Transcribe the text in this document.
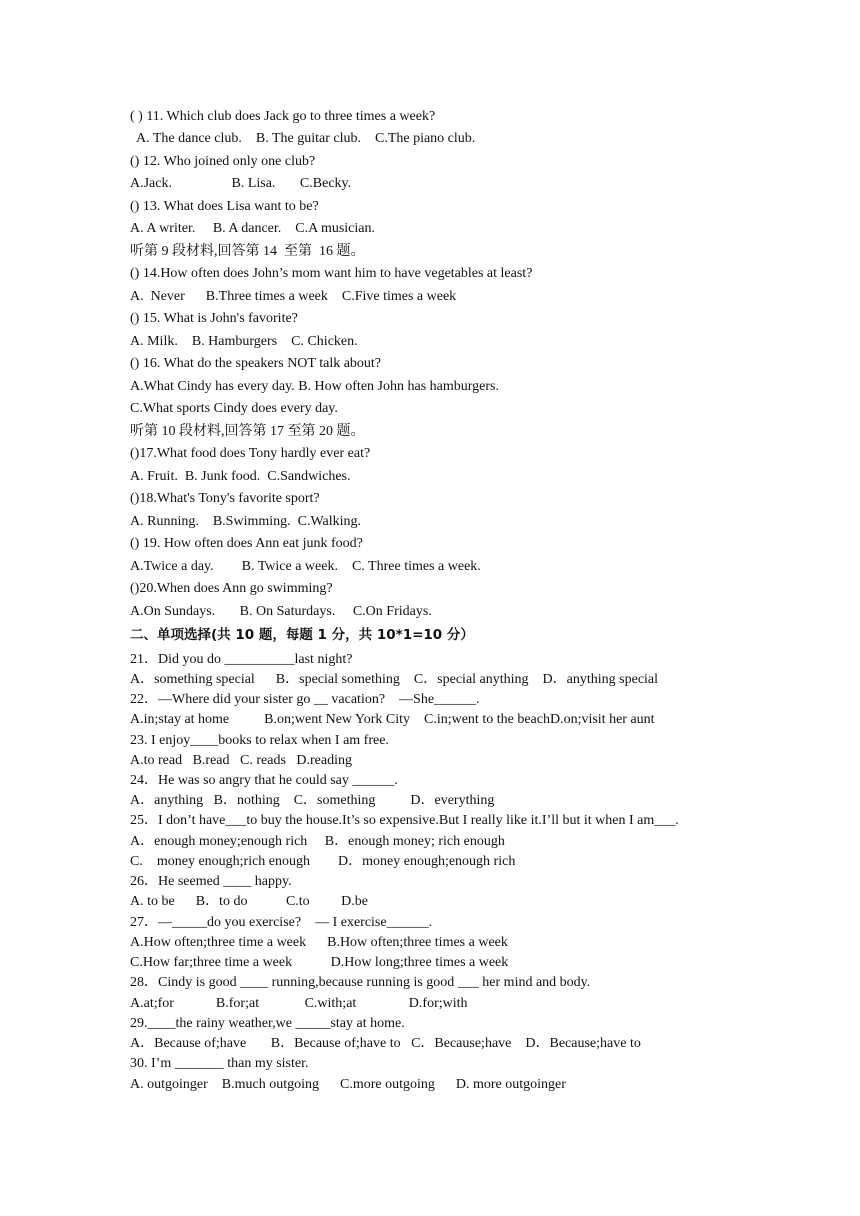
( ) 11. Which club does Jack go to three times a week?
A. The dance club.    B. The guitar club.    C.The piano club.
() 12. Who joined only one club?
A.Jack.                 B. Lisa.       C.Becky.
() 13. What does Lisa want to be?
A. A writer.     B. A dancer.    C.A musician.
听第 9 段材料,回答第 14  至第  16 题。
() 14.How often does John’s mom want him to have vegetables at least?
A.  Never      B.Three times a week    C.Five times a week
() 15. What is John's favorite?
A. Milk.    B. Hamburgers    C. Chicken.
() 16. What do the speakers NOT talk about?
A.What Cindy has every day. B. How often John has hamburgers.
C.What sports Cindy does every day.
听第 10 段材料,回答第 17 至第 20 题。
()17.What food does Tony hardly ever eat?
A. Fruit.  B. Junk food.  C.Sandwiches.
()18.What's Tony's favorite sport?
A. Running.    B.Swimming.  C.Walking.
() 19. How often does Ann eat junk food?
A.Twice a day.        B. Twice a week.    C. Three times a week.
()20.When does Ann go swimming?
A.On Sundays.       B. On Saturdays.     C.On Fridays.
二、单项选择(共 10 题，每题 1 分，共 10*1=10 分）
21．Did you do __________last night?
A．something special      B．special something    C．special anything    D．anything special
22．—Where did your sister go __ vacation?    —She______.
A.in;stay at home          B.on;went New York City    C.in;went to the beachD.on;visit her aunt
23. I enjoy____books to relax when I am free.
A.to read   B.read   C. reads   D.reading
24．He was so angry that he could say ______.
A．anything   B．nothing    C．something          D．everything
25．I don’t have___to buy the house.It’s so expensive.But I really like it.I’ll but it when I am___.
A．enough money;enough rich     B．enough money; rich enough
C.    money enough;rich enough        D．money enough;enough rich
26．He seemed ____ happy.
A. to be      B．to do           C.to         D.be
27．—_____do you exercise?    — I exercise______.
A.How often;three time a week      B.How often;three times a week
C.How far;three time a week           D.How long;three times a week
28．Cindy is good ____ running,because running is good ___ her mind and body.
A.at;for            B.for;at             C.with;at               D.for;with
29.____the rainy weather,we _____stay at home.
A．Because of;have       B．Because of;have to   C．Because;have    D．Because;have to
30. I’m _______ than my sister.
A. outgoinger    B.much outgoing      C.more outgoing      D. more outgoinger
